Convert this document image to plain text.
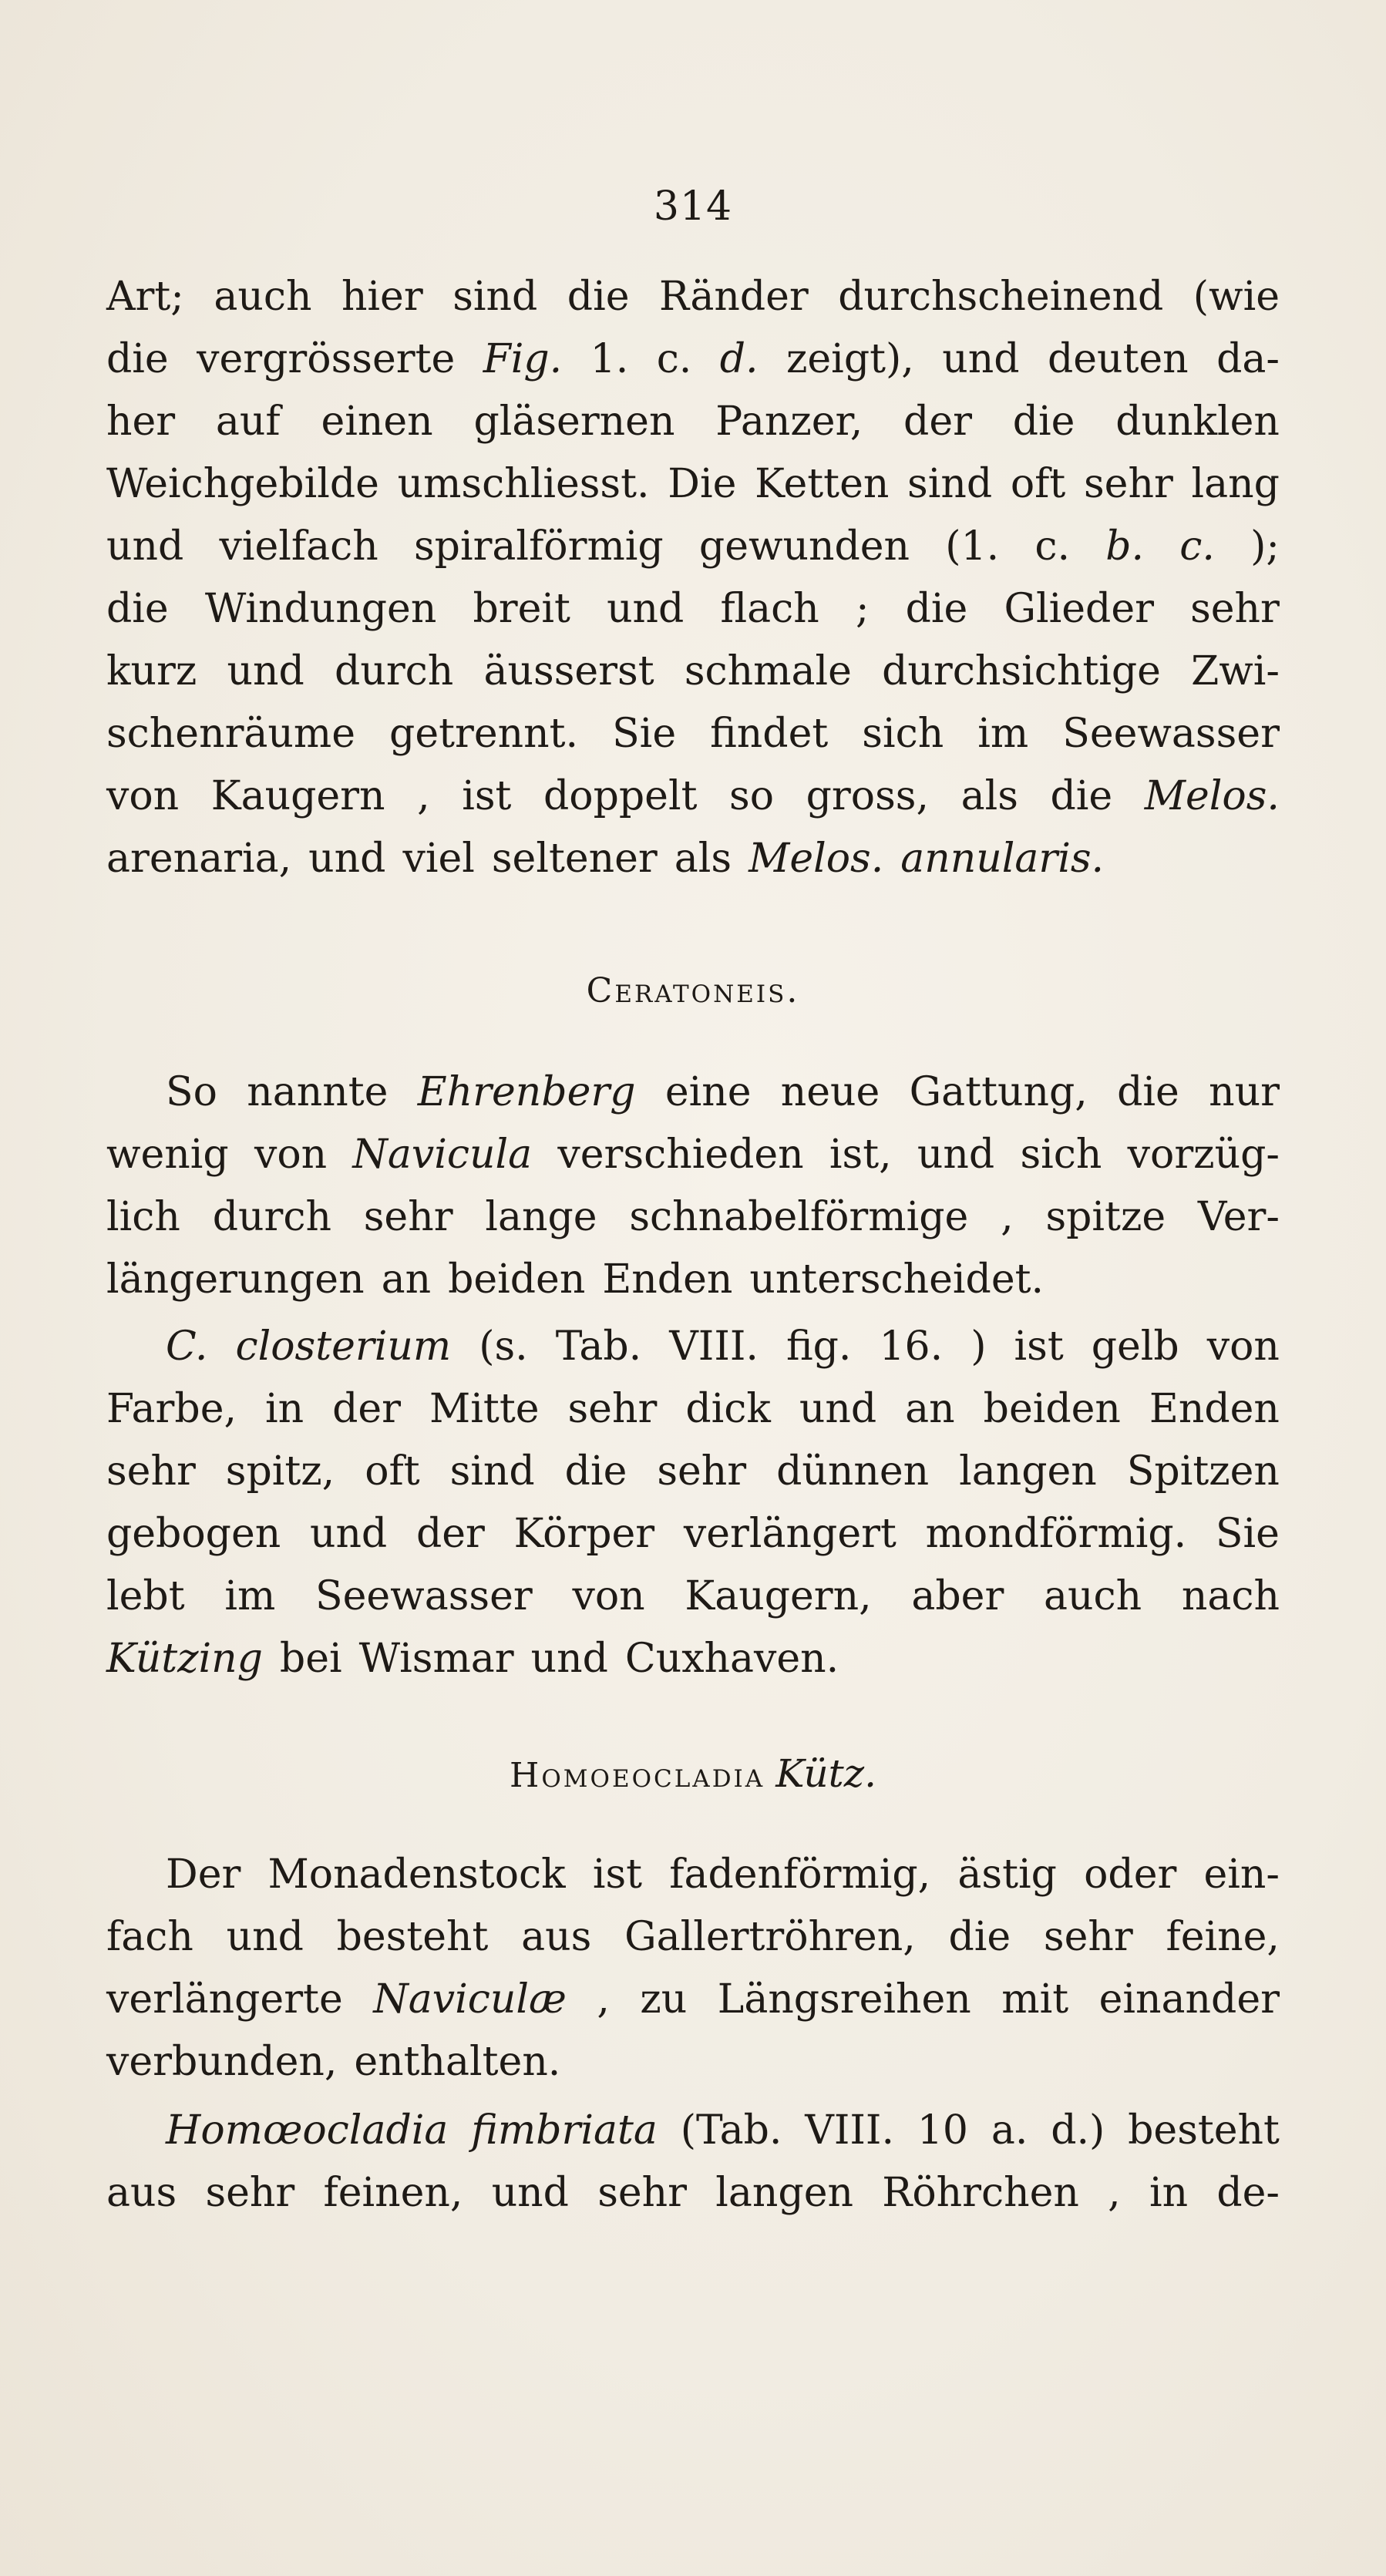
314
Art; auch hier sind die Ränder durchscheinend (wie
die vergrösserte Fig. 1. c. d. zeigt), und deuten da-
her auf einen gläsernen Panzer, der die dunklen
Weichgebilde umschliesst. Die Ketten sind oft sehr lang
und vielfach spiralförmig gewunden (1. c. b. c. );
die Windungen breit und flach ; die Glieder sehr
kurz und durch äusserst schmale durchsichtige Zwi-
schenräume getrennt. Sie findet sich im Seewasser
von Kaugern , ist doppelt so gross, als die Melos.
arenaria, und viel seltener als Melos. annularis.
Ceratoneis.
So nannte Ehrenberg eine neue Gattung, die nur
wenig von Navicula verschieden ist, und sich vorzüg-
lich durch sehr lange schnabelförmige , spitze Ver-
längerungen an beiden Enden unterscheidet.
C. closterium (s. Tab. VIII. fig. 16. ) ist gelb von
Farbe, in der Mitte sehr dick und an beiden Enden
sehr spitz, oft sind die sehr dünnen langen Spitzen
gebogen und der Körper verlängert mondförmig. Sie
lebt im Seewasser von Kaugern, aber auch nach
Kützing bei Wismar und Cuxhaven.
Homoeocladia Kütz.
Der Monadenstock ist fadenförmig, ästig oder ein-
fach und besteht aus Gallertröhren, die sehr feine,
verlängerte Naviculæ , zu Längsreihen mit einander
verbunden, enthalten.
Homœocladia fimbriata (Tab. VIII. 10 a. d.) besteht
aus sehr feinen, und sehr langen Röhrchen , in de-
